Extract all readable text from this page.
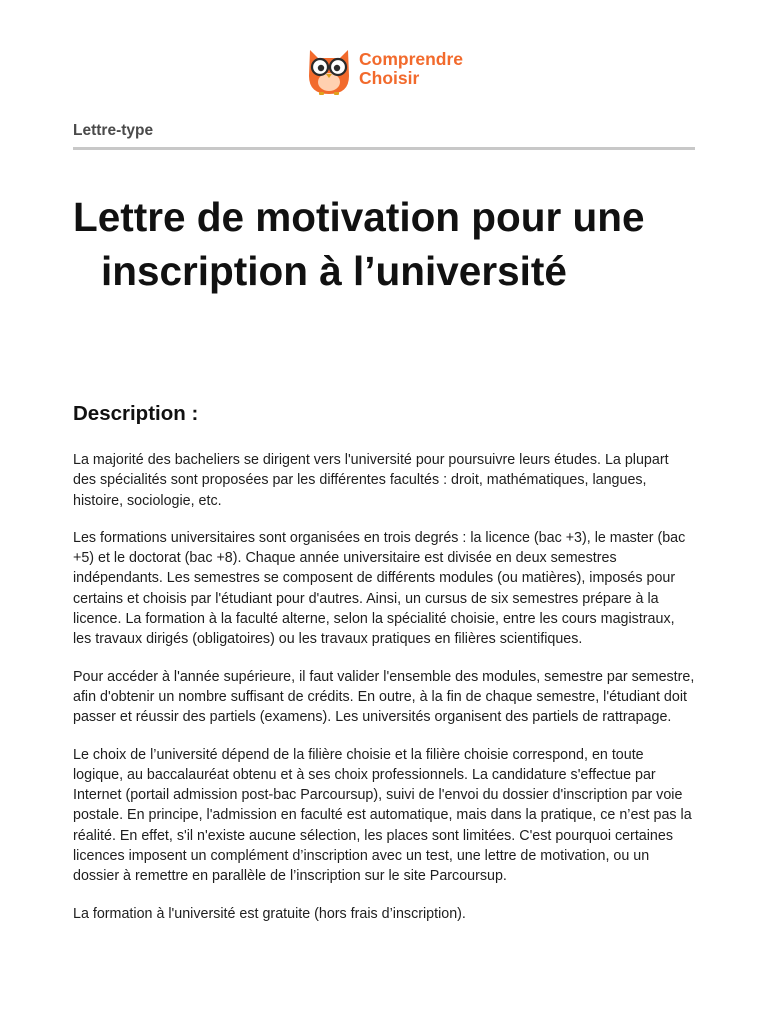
Comprendre
Choisir
Lettre-type
Lettre de motivation pour une inscription à l’université
Description :

La majorité des bacheliers se dirigent vers l'université pour poursuivre leurs études. La plupart des spécialités sont proposées par les différentes facultés : droit, mathématiques, langues, histoire, sociologie, etc.

Les formations universitaires sont organisées en trois degrés : la licence (bac +3), le master (bac +5) et le doctorat (bac +8). Chaque année universitaire est divisée en deux semestres indépendants. Les semestres se composent de différents modules (ou matières), imposés pour certains et choisis par l'étudiant pour d'autres. Ainsi, un cursus de six semestres prépare à la licence. La formation à la faculté alterne, selon la spécialité choisie, entre les cours magistraux, les travaux dirigés (obligatoires) ou les travaux pratiques en filières scientifiques.

Pour accéder à l'année supérieure, il faut valider l'ensemble des modules, semestre par semestre, afin d'obtenir un nombre suffisant de crédits. En outre, à la fin de chaque semestre, l'étudiant doit passer et réussir des partiels (examens). Les universités organisent des partiels de rattrapage.

Le choix de l’université dépend de la filière choisie et la filière choisie correspond, en toute logique, au baccalauréat obtenu et à ses choix professionnels. La candidature s'effectue par Internet (portail admission post-bac Parcoursup), suivi de l'envoi du dossier d'inscription par voie postale. En principe, l'admission en faculté est automatique, mais dans la pratique, ce n’est pas la réalité. En effet, s'il n'existe aucune sélection, les places sont limitées. C'est pourquoi certaines licences imposent un complément d’inscription avec un test, une lettre de motivation, ou un dossier à remettre en parallèle de l’inscription sur le site Parcoursup.

La formation à l'université est gratuite (hors frais d’inscription).
